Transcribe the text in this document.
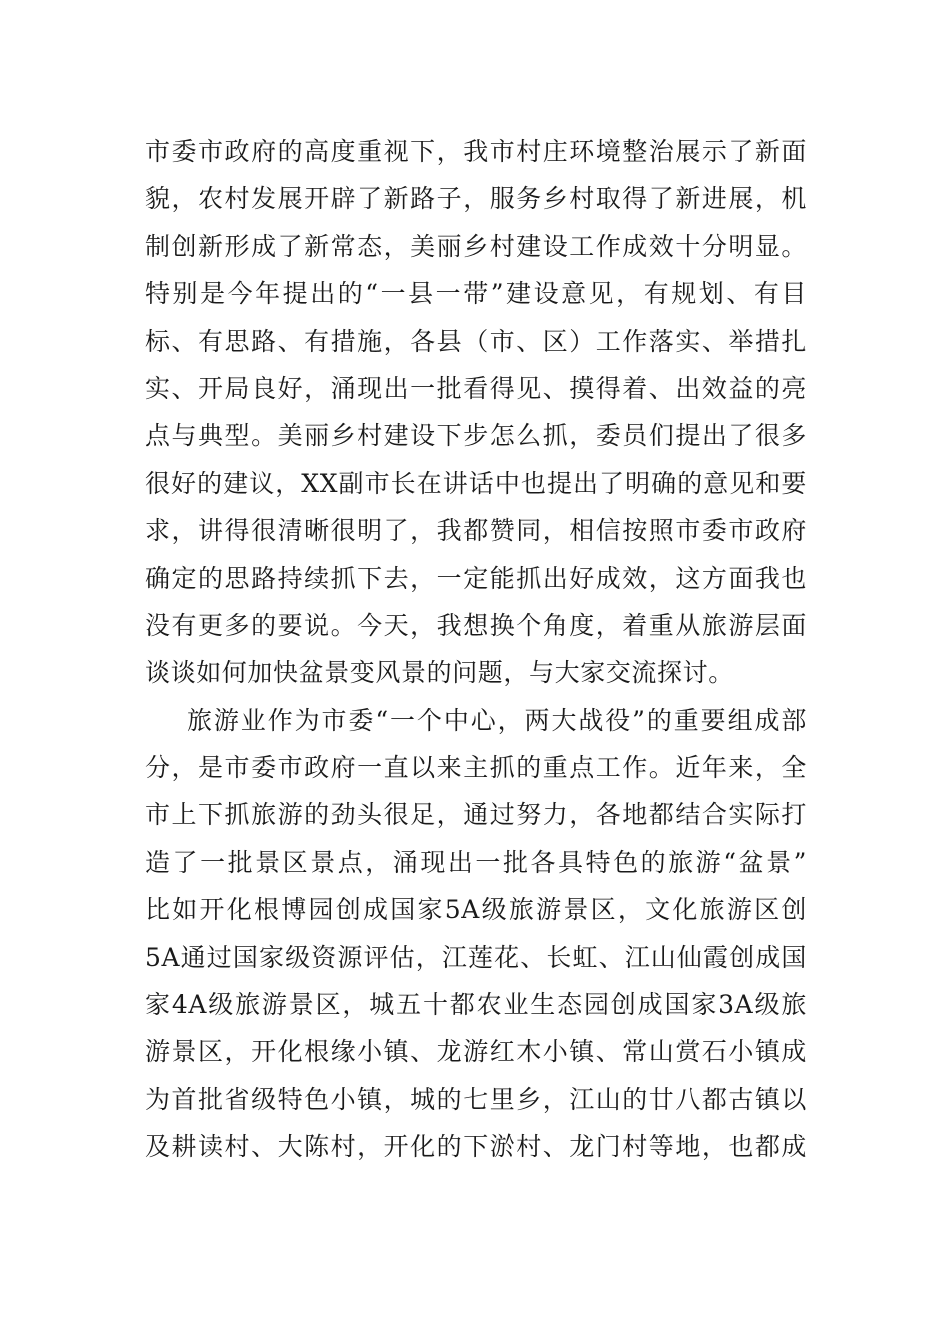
市委市政府的高度重视下，我市村庄环境整治展示了新面
貌，农村发展开辟了新路子，服务乡村取得了新进展，机
制创新形成了新常态，美丽乡村建设工作成效十分明显。
特别是今年提出的“一县一带”建设意见，有规划、有目
标、有思路、有措施，各县（市、区）工作落实、举措扎
实、开局良好，涌现出一批看得见、摸得着、出效益的亮
点与典型。美丽乡村建设下步怎么抓，委员们提出了很多
很好的建议，XX副市长在讲话中也提出了明确的意见和要
求，讲得很清晰很明了，我都赞同，相信按照市委市政府
确定的思路持续抓下去，一定能抓出好成效，这方面我也
没有更多的要说。今天，我想换个角度，着重从旅游层面
谈谈如何加快盆景变风景的问题，与大家交流探讨。
旅游业作为市委“一个中心，两大战役”的重要组成部
分，是市委市政府一直以来主抓的重点工作。近年来，全
市上下抓旅游的劲头很足，通过努力，各地都结合实际打
造了一批景区景点，涌现出一批各具特色的旅游“盆景”
比如开化根博园创成国家5A级旅游景区，文化旅游区创
5A通过国家级资源评估，江莲花、长虹、江山仙霞创成国
家4A级旅游景区，城五十都农业生态园创成国家3A级旅
游景区，开化根缘小镇、龙游红木小镇、常山赏石小镇成
为首批省级特色小镇，城的七里乡，江山的廿八都古镇以
及耕读村、大陈村，开化的下淤村、龙门村等地，也都成
